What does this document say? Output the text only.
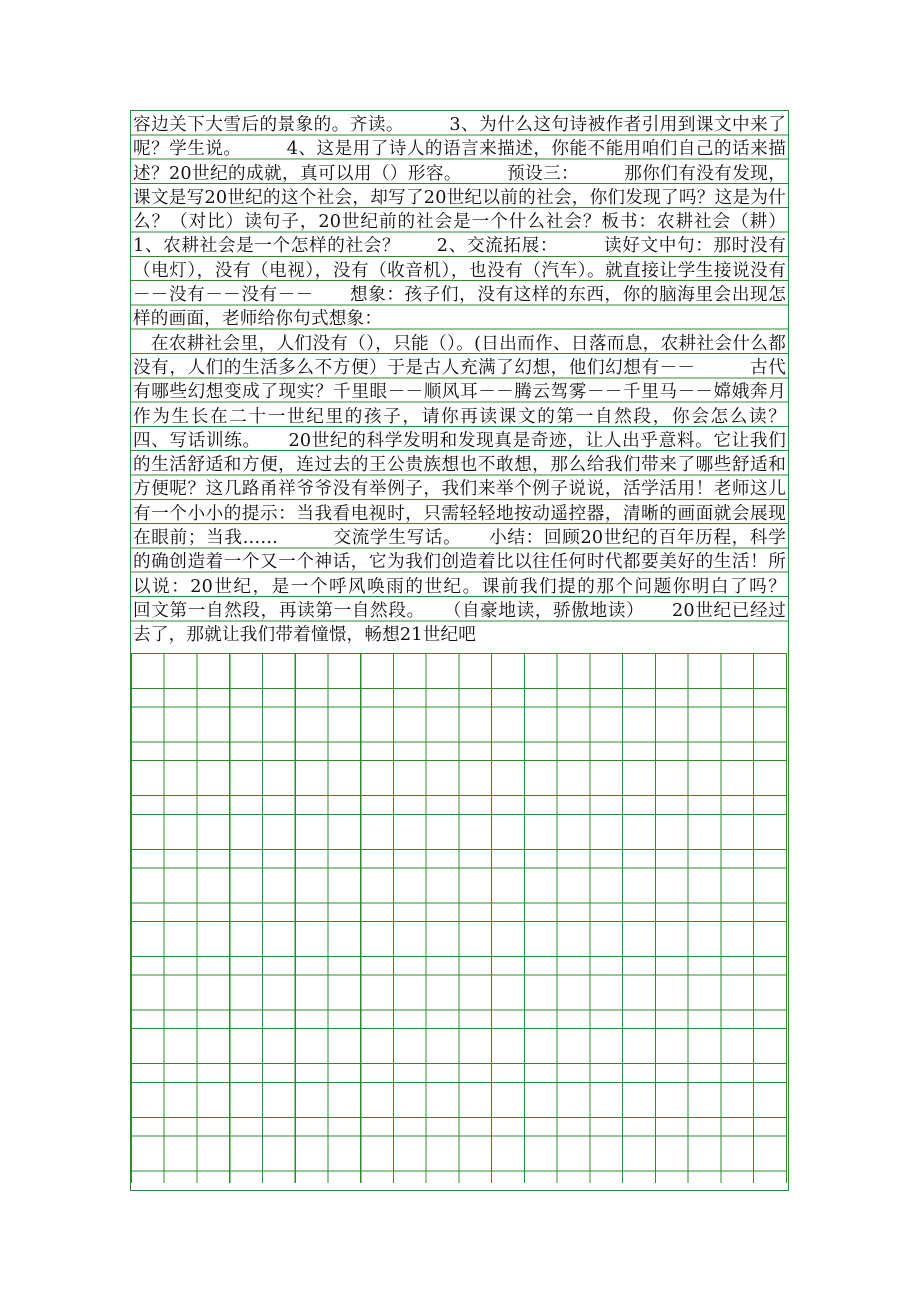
容边关下大雪后的景象的。齐读。　　　3、为什么这句诗被作者引用到课文中来了呢？学生说。　　　4、这是用了诗人的语言来描述，你能不能用咱们自己的话来描述？20世纪的成就，真可以用（）形容。　　　预设三：　　　那你们有没有发现，课文是写20世纪的这个社会，却写了20世纪以前的社会，你们发现了吗？这是为什么？（对比）读句子，20世纪前的社会是一个什么社会？板书：农耕社会（耕）1、农耕社会是一个怎样的社会？　　2、交流拓展：　　　读好文中句：那时没有（电灯），没有（电视），没有（收音机），也没有（汽车）。就直接让学生接说没有－－没有－－没有－－　　想象：孩子们，没有这样的东西，你的脑海里会出现怎样的画面，老师给你句式想象：

　在农耕社会里，人们没有（），只能（）。(日出而作、日落而息，农耕社会什么都没有，人们的生活多么不方便）于是古人充满了幻想，他们幻想有－－　　　古代有哪些幻想变成了现实？千里眼－－顺风耳－－腾云驾雾－－千里马－－嫦娥奔月　　　作为生长在二十一世纪里的孩子，请你再读课文的第一自然段，你会怎么读？　　四、写话训练。　　20世纪的科学发明和发现真是奇迹，让人出乎意料。它让我们的生活舒适和方便，连过去的王公贵族想也不敢想，那么给我们带来了哪些舒适和方便呢？这几路甬祥爷爷没有举例子，我们来举个例子说说，活学活用！老师这儿有一个小小的提示：当我看电视时，只需轻轻地按动遥控器，清晰的画面就会展现在眼前；当我……　　　交流学生写话。　　小结：回顾20世纪的百年历程，科学的确创造着一个又一个神话，它为我们创造着比以往任何时代都要美好的生活！所以说：20世纪，是一个呼风唤雨的世纪。课前我们提的那个问题你明白了吗？　　回文第一自然段，再读第一自然段。　　（自豪地读，骄傲地读）　　20世纪已经过去了，那就让我们带着憧憬，畅想21世纪吧
